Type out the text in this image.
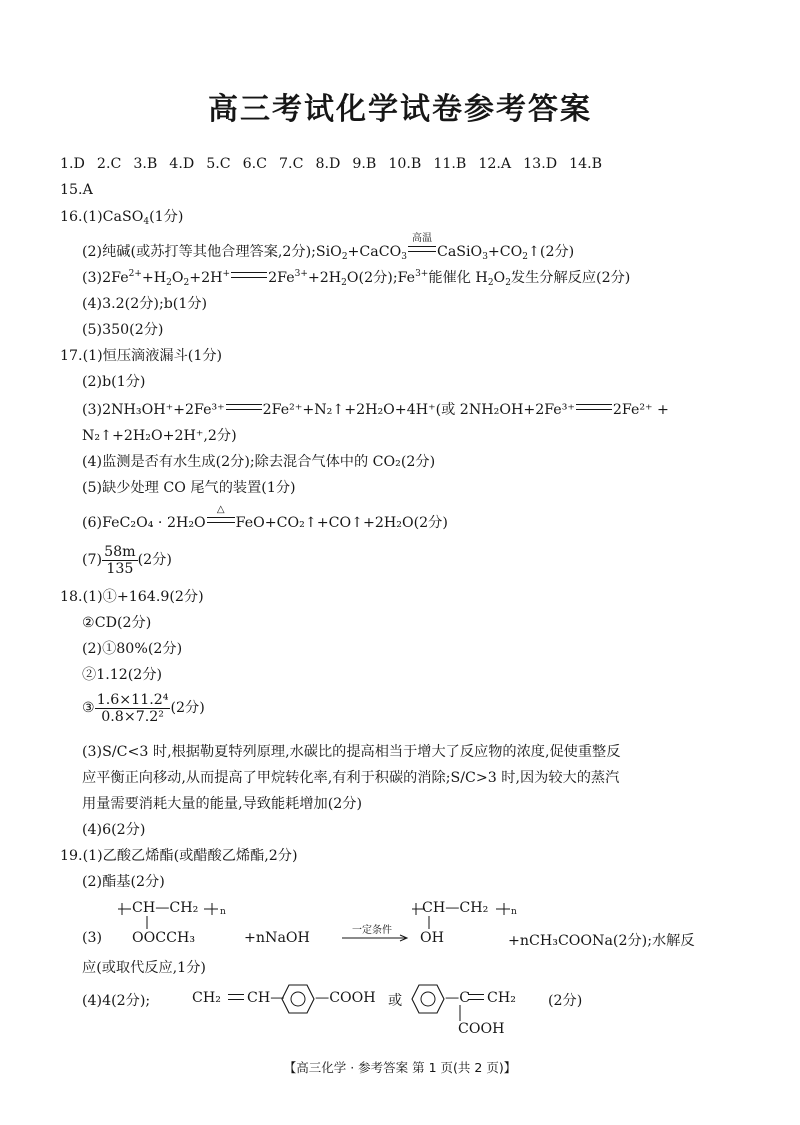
高三考试化学试卷参考答案
1.D 2.C 3.B 4.D 5.C 6.C 7.C 8.D 9.B 10.B 11.B 12.A 13.D 14.B
15.A
16.(1)CaSO$_4$(1分)
(2)纯碱(或苏打等其他合理答案,2分);SiO$_2$+CaCO$_3$
高温
$CaSiO_3+CO_2↑(2$分)
$(3)2Fe^{2+}+H_2O_2+2H^+$	$2Fe^{3+}+2H_2O(2$分)$;Fe^{3+}$能催化 $H_2O_2$发生分解反应(2分)
(4)3.2(2分);b(1分)
(5)350(2分)
17.(1)恒压滴液漏斗(1分)
(2)b(1分)
(3)2NH₃OH⁺+2Fe³⁺	2Fe²⁺+N₂↑+2H₂O+4H⁺(或 2NH₂OH+2Fe³⁺	2Fe²⁺ +
N₂↑+2H₂O+2H⁺,2分)
(4)监测是否有水生成(2分);除去混合气体中的 CO₂(2分)
(5)缺少处理 CO 尾气的装置(1分)
(6)FeC₂O₄ · 2H₂O
△
FeO+CO₂↑+CO↑+2H₂O(2分)
$(7) \frac{58m}{135} (2$分)
18.(1)①+164.9(2分)
②CD(2分)
(2)①80%(2分)
②1.12(2分)
③ $\frac{\text{1.6×11.2⁴}}{\text{0.8×7.2²}} (2$分)
(3)S/C<3 时,根据勒夏特列原理,水碳比的提高相当于增大了反应物的浓度,促使重整反
应平衡正向移动,从而提高了甲烷转化率,有利于积碳的消除;S/C>3 时,因为较大的蒸汽
用量需要消耗大量的能量,导致能耗增加(2分)
(4)6(2分)
19.(1)乙酸乙烯酯(或醋酸乙烯酯,2分)
(2)酯基(2分)
CH—CH₂ n
(3) OOCCH₃	+nNaOH	一定条件
CH—CH₂	n
OH	+nCH₃COONa(2分);水解反
应(或取代反应,1分)
(4)4(2分);	CH₂ CH— —COOH 或	—C CH₂ (2分)
COOH
【高三化学 · 参考答案 第 1 页(共 2 页)】
